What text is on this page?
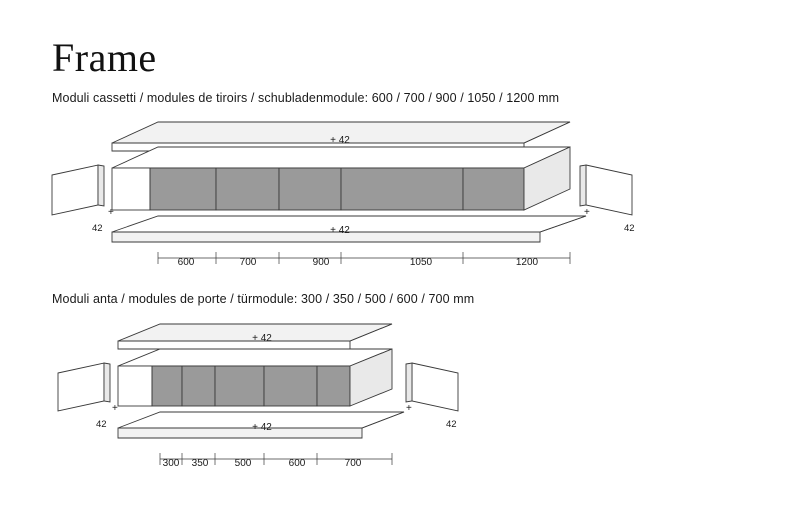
Frame
Moduli cassetti / modules de tiroirs / schubladenmodule: 600 / 700 / 900 / 1050 / 1200 mm
Moduli anta / modules de porte / türmodule: 300 / 350 / 500 / 600 / 700 mm
+ 42
+ 42
+
42
+
42
600	700	900	1050	1200
+ 42
+ 42
+
42
+
42
300 350	500	600	700
